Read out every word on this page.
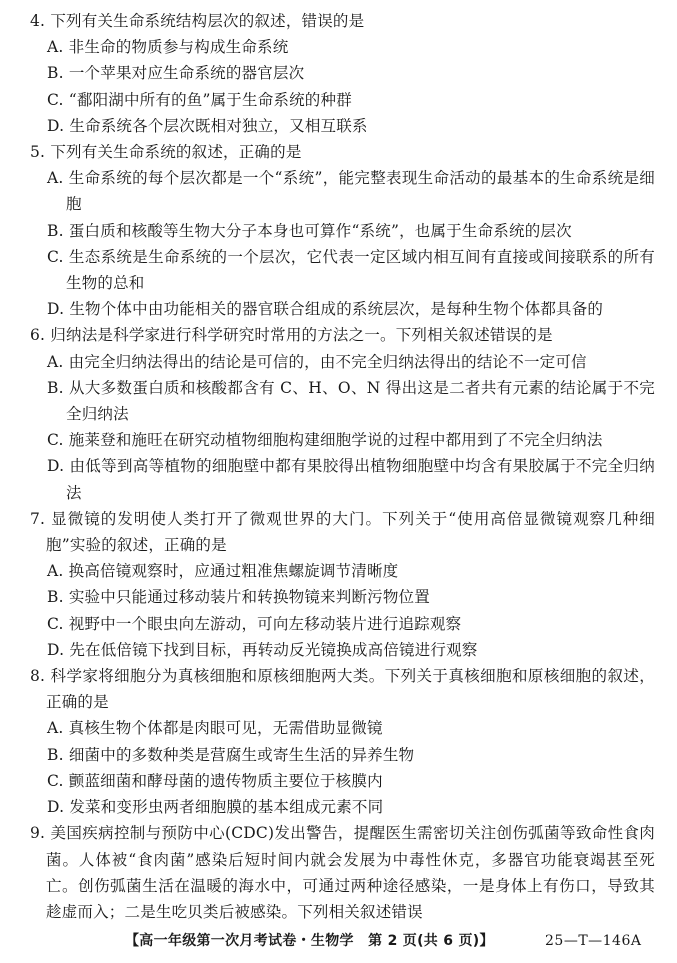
4. 下列有关生命系统结构层次的叙述，错误的是
A. 非生命的物质参与构成生命系统
B. 一个苹果对应生命系统的器官层次
C. “鄱阳湖中所有的鱼”属于生命系统的种群
D. 生命系统各个层次既相对独立，又相互联系
5. 下列有关生命系统的叙述，正确的是
A. 生命系统的每个层次都是一个“系统”，能完整表现生命活动的最基本的生命系统是细胞
B. 蛋白质和核酸等生物大分子本身也可算作“系统”，也属于生命系统的层次
C. 生态系统是生命系统的一个层次，它代表一定区域内相互间有直接或间接联系的所有生物的总和
D. 生物个体中由功能相关的器官联合组成的系统层次，是每种生物个体都具备的
6. 归纳法是科学家进行科学研究时常用的方法之一。下列相关叙述错误的是
A. 由完全归纳法得出的结论是可信的，由不完全归纳法得出的结论不一定可信
B. 从大多数蛋白质和核酸都含有 C、H、O、N 得出这是二者共有元素的结论属于不完全归纳法
C. 施莱登和施旺在研究动植物细胞构建细胞学说的过程中都用到了不完全归纳法
D. 由低等到高等植物的细胞壁中都有果胶得出植物细胞壁中均含有果胶属于不完全归纳法
7. 显微镜的发明使人类打开了微观世界的大门。下列关于“使用高倍显微镜观察几种细胞”实验的叙述，正确的是
A. 换高倍镜观察时，应通过粗准焦螺旋调节清晰度
B. 实验中只能通过移动装片和转换物镜来判断污物位置
C. 视野中一个眼虫向左游动，可向左移动装片进行追踪观察
D. 先在低倍镜下找到目标，再转动反光镜换成高倍镜进行观察
8. 科学家将细胞分为真核细胞和原核细胞两大类。下列关于真核细胞和原核细胞的叙述，正确的是
A. 真核生物个体都是肉眼可见，无需借助显微镜
B. 细菌中的多数种类是营腐生或寄生生活的异养生物
C. 颤蓝细菌和酵母菌的遗传物质主要位于核膜内
D. 发菜和变形虫两者细胞膜的基本组成元素不同
9. 美国疾病控制与预防中心(CDC)发出警告，提醒医生需密切关注创伤弧菌等致命性食肉菌。人体被“食肉菌”感染后短时间内就会发展为中毒性休克，多器官功能衰竭甚至死亡。创伤弧菌生活在温暖的海水中，可通过两种途径感染，一是身体上有伤口，导致其趁虚而入；二是生吃贝类后被感染。下列相关叙述错误
【高一年级第一次月考试卷・生物学　第 2 页(共 6 页)】	25—T—146A
